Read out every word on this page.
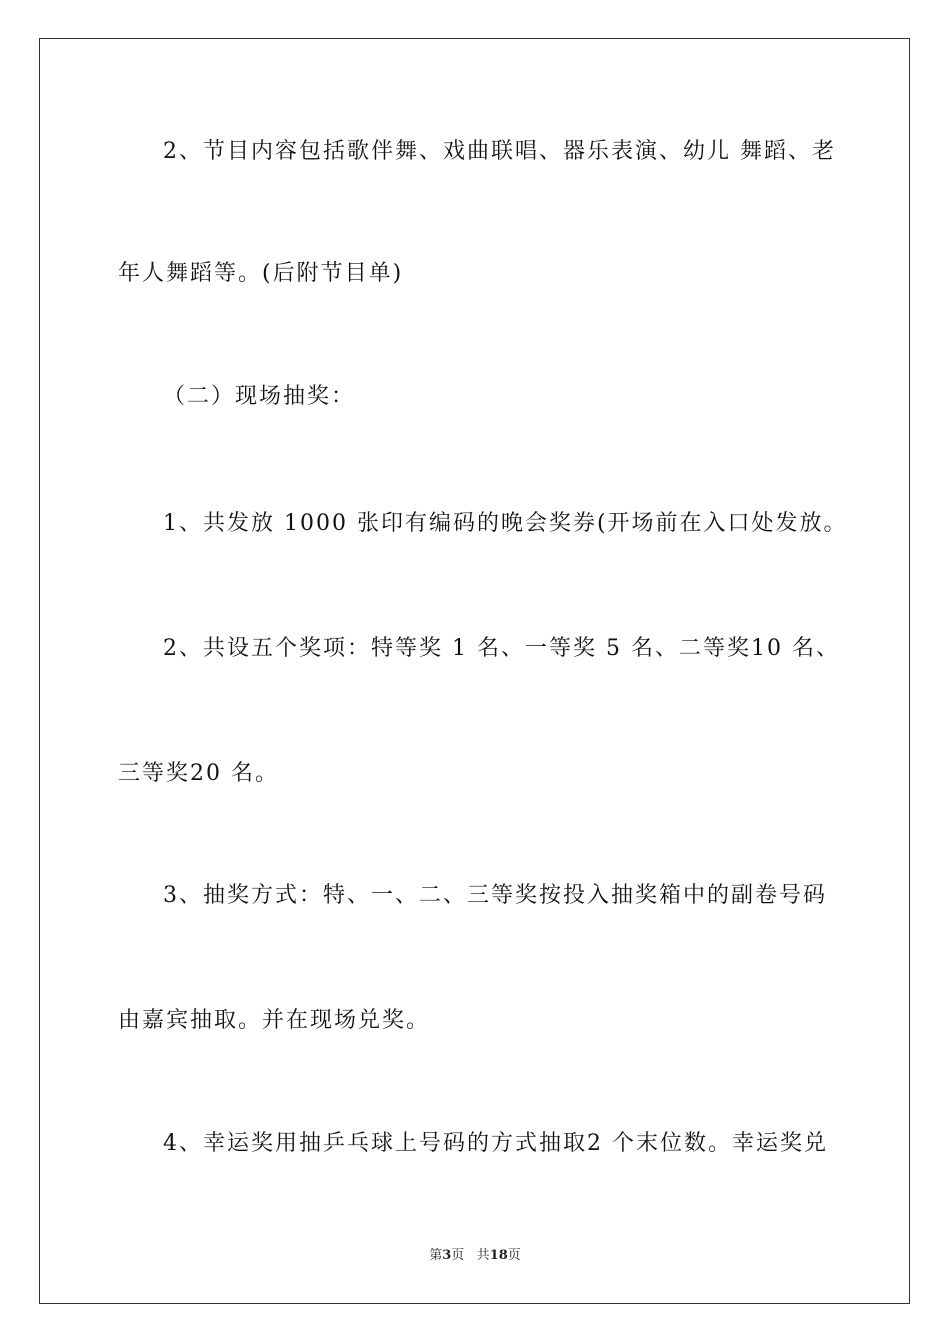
2、节目内容包括歌伴舞、戏曲联唱、器乐表演、幼儿 舞蹈、老
年人舞蹈等。(后附节目单)
（二）现场抽奖：
1、共发放 1000 张印有编码的晚会奖券(开场前在入口处发放。
2、共设五个奖项：特等奖 1 名、一等奖 5 名、二等奖10 名、
三等奖20 名。
3、抽奖方式：特、一、二、三等奖按投入抽奖箱中的副卷号码
由嘉宾抽取。并在现场兑奖。
4、幸运奖用抽乒乓球上号码的方式抽取2 个末位数。幸运奖兑
第3页 共18页
